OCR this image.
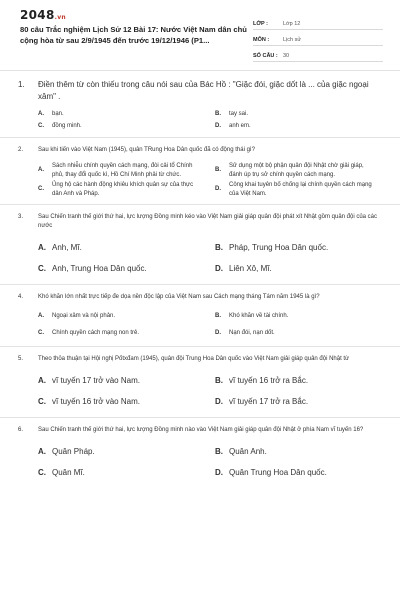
2048.vn
80 câu Trắc nghiệm Lịch Sử 12 Bài 17: Nước Việt Nam dân chủ cộng hòa từ sau 2/9/1945 đến trước 19/12/1946 (P1...
LỚP :	Lớp 12
MÔN :	Lịch sử
SỐ CÂU : 30
1.	Điền thêm từ còn thiếu trong câu nói sau của Bác Hồ : "Giặc đói, giặc dốt là ... của giặc ngoại xâm" .
A.	bạn.	B.	tay sai.
C.	đồng minh.	D.	anh em.
2.	Sau khi tiến vào Việt Nam (1945), quân TRung Hoa Dân quốc đã có động thái gì?
A.
Sách nhiễu chính quyền cách mạng, đòi cải tổ Chính phủ, thay đổi quốc kì, Hồ Chí Minh phải từ chức.
B.
Sử dụng một bộ phận quân đội Nhật chờ giải giáp, đánh úp trụ sở chính quyền cách mạng.
C.
Ủng hộ các hành động khiêu khích quân sự của thực dân Anh và Pháp.
D.
Công khai tuyên bố chống lại chính quyền cách mạng của Việt Nam.
3.	Sau Chiến tranh thế giới thứ hai, lực lượng Đồng minh kéo vào Việt Nam giải giáp quân đội phát xít Nhật gồm quân đội của các nước
A. Anh, Mĩ.	B. Pháp, Trung Hoa Dân quốc.
C. Anh, Trung Hoa Dân quốc.	D. Liên Xô, Mĩ.
4.	Khó khăn lớn nhất trực tiếp đe dọa nền độc lập của Việt Nam sau Cách mạng tháng Tám năm 1945 là gì?
A.	Ngoại xâm và nội phản.	B.	Khó khăn về tài chính.
C.	Chính quyền cách mạng non trẻ.	D.	Nạn đói, nạn dốt.
5.	Theo thỏa thuận tại Hội nghị Pốtxđam (1945), quân đội Trung Hoa Dân quốc vào Việt Nam giải giáp quân đội Nhật từ
A. vĩ tuyến 17 trở vào Nam.	B. vĩ tuyến 16 trở ra Bắc.
C. vĩ tuyến 16 trở vào Nam.	D. vĩ tuyến 17 trở ra Bắc.
6.	Sau Chiến tranh thế giới thứ hai, lực lượng Đồng minh nào vào Việt Nam giải giáp quân đội Nhật ở phía Nam vĩ tuyến 16?
A. Quân Pháp.	B. Quân Anh.
C. Quân Mĩ.	D. Quân Trung Hoa Dân quốc.
